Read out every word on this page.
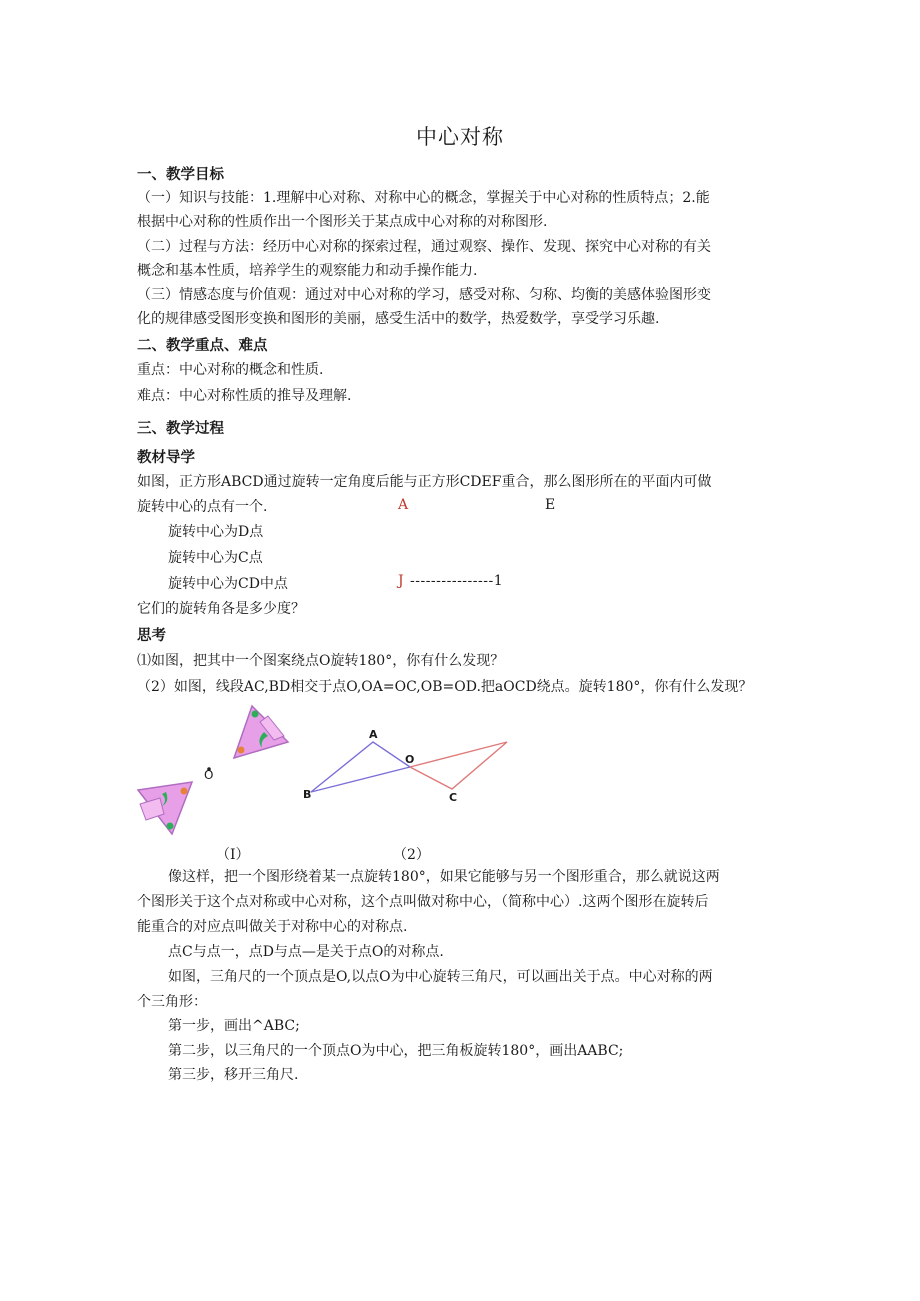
中心对称
一、教学目标
（一）知识与技能：1.理解中心对称、对称中心的概念，掌握关于中心对称的性质特点；2.能
根据中心对称的性质作出一个图形关于某点成中心对称的对称图形.
（二）过程与方法：经历中心对称的探索过程，通过观察、操作、发现、探究中心对称的有关
概念和基本性质，培养学生的观察能力和动手操作能力.
（三）情感态度与价值观：通过对中心对称的学习，感受对称、匀称、均衡的美感体验图形变
化的规律感受图形变换和图形的美丽，感受生活中的数学，热爱数学，享受学习乐趣.
二、教学重点、难点
重点：中心对称的概念和性质.
难点：中心对称性质的推导及理解.
三、教学过程
教材导学
如图，正方形ABCD通过旋转一定角度后能与正方形CDEF重合，那么图形所在的平面内可做
旋转中心的点有一个.	A	E
旋转中心为D点
旋转中心为C点
旋转中心为CD中点	J ----------------1
它们的旋转角各是多少度？
思考
⑴如图，把其中一个图案绕点O旋转180°，你有什么发现？
（2）如图，线段AC,BD相交于点O,OA=OC,OB=OD.把aOCD绕点。旋转180°，你有什么发现？
O
A
B
O
C
（I）	（2）
像这样，把一个图形绕着某一点旋转180°，如果它能够与另一个图形重合，那么就说这两
个图形关于这个点对称或中心对称，这个点叫做对称中心，（简称中心）.这两个图形在旋转后
能重合的对应点叫做关于对称中心的对称点.
点C与点一，点D与点—是关于点O的对称点.
如图，三角尺的一个顶点是O,以点O为中心旋转三角尺，可以画出关于点。中心对称的两
个三角形：
第一步，画出^ABC;
第二步，以三角尺的一个顶点O为中心，把三角板旋转180°，画出AABC;
第三步，移开三角尺.
